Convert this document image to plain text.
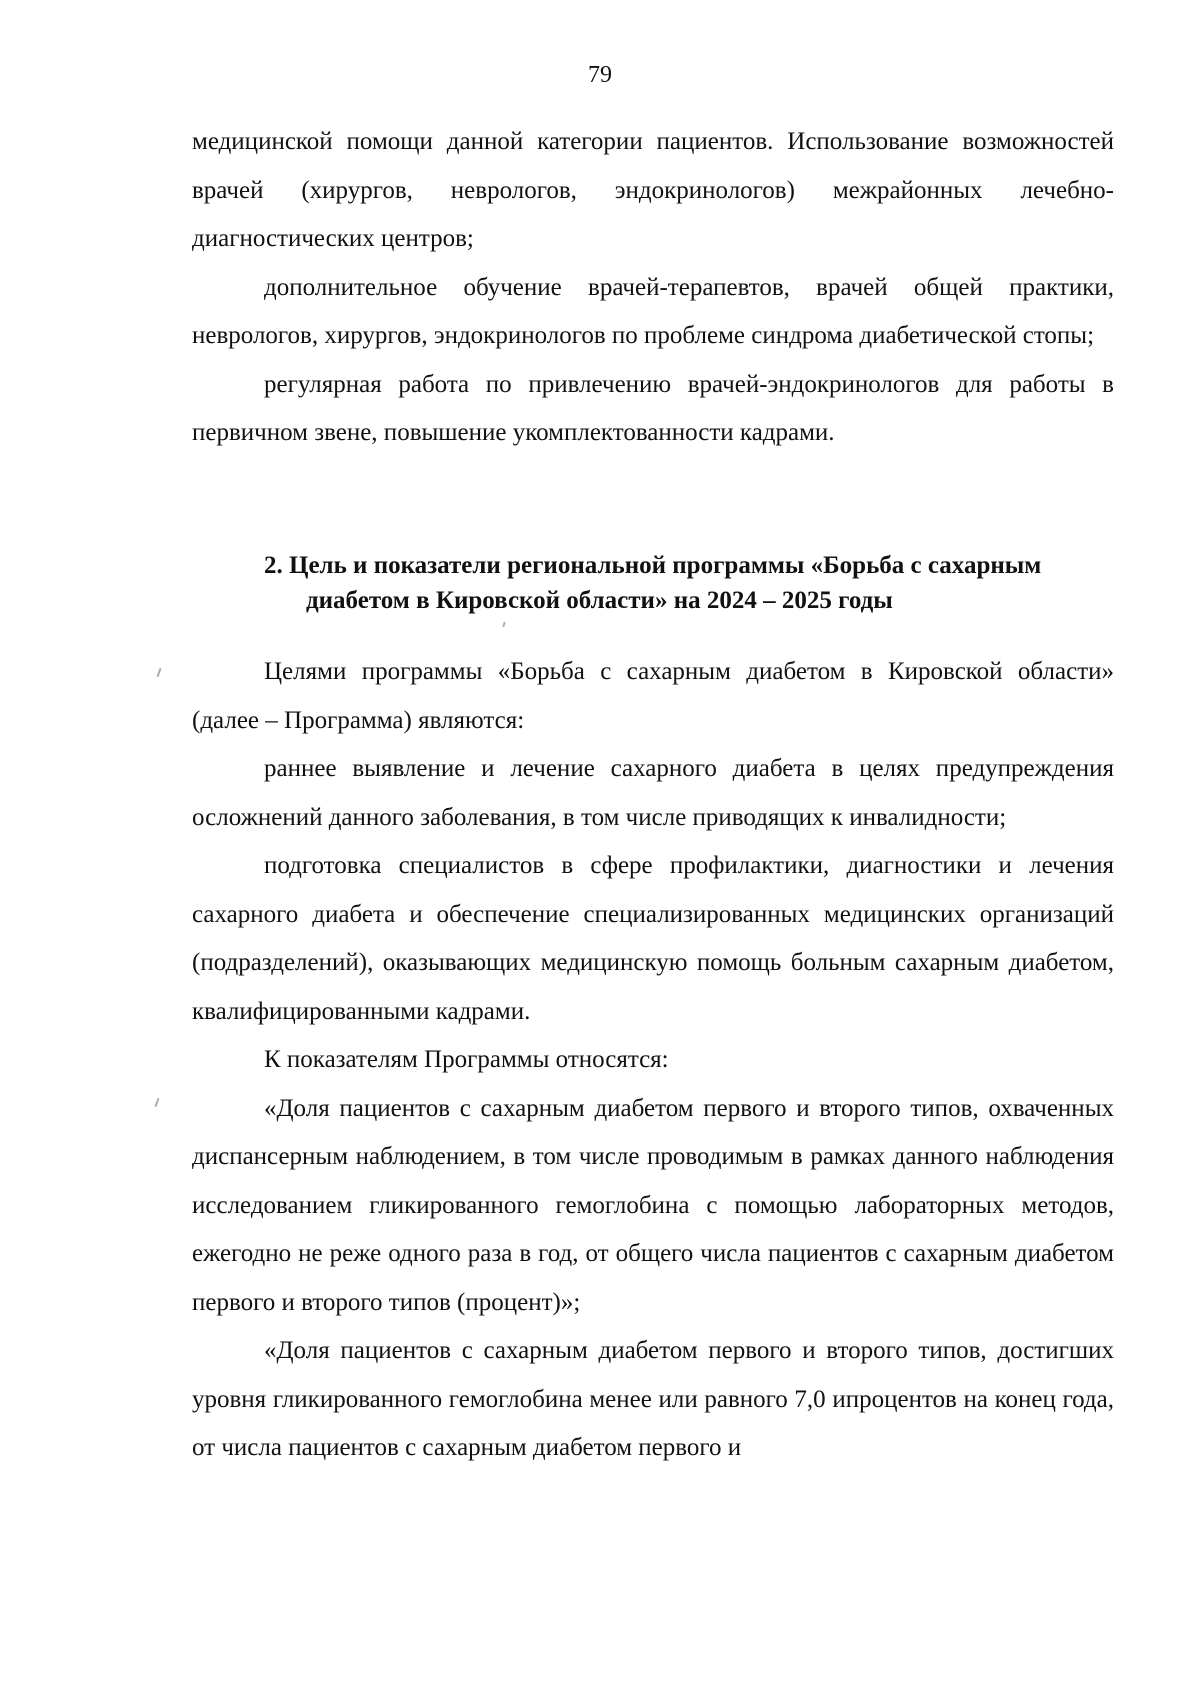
79

медицинской помощи данной категории пациентов. Использование возможностей врачей (хирургов, неврологов, эндокринологов) межрайонных лечебно-диагностических центров;

дополнительное обучение врачей-терапевтов, врачей общей практики, неврологов, хирургов, эндокринологов по проблеме синдрома диабетической стопы;

регулярная работа по привлечению врачей-эндокринологов для работы в первичном звене, повышение укомплектованности кадрами.

2. Цель и показатели региональной программы «Борьба с сахарным
диабетом в Кировской области» на 2024 – 2025 годы

Целями программы «Борьба с сахарным диабетом в Кировской области» (далее – Программа) являются:

раннее выявление и лечение сахарного диабета в целях предупреждения осложнений данного заболевания, в том числе приводящих к инвалидности;

подготовка специалистов в сфере профилактики, диагностики и лечения сахарного диабета и обеспечение специализированных медицинских организаций (подразделений), оказывающих медицинскую помощь больным сахарным диабетом, квалифицированными кадрами.

К показателям Программы относятся:

«Доля пациентов с сахарным диабетом первого и второго типов, охваченных диспансерным наблюдением, в том числе проводимым в рамках данного наблюдения исследованием гликированного гемоглобина с помощью лабораторных методов, ежегодно не реже одного раза в год, от общего числа пациентов с сахарным диабетом первого и второго типов (процент)»;

«Доля пациентов с сахарным диабетом первого и второго типов, достигших уровня гликированного гемоглобина менее или равного 7,0 ипроцентов на конец года, от числа пациентов с сахарным диабетом первого и
